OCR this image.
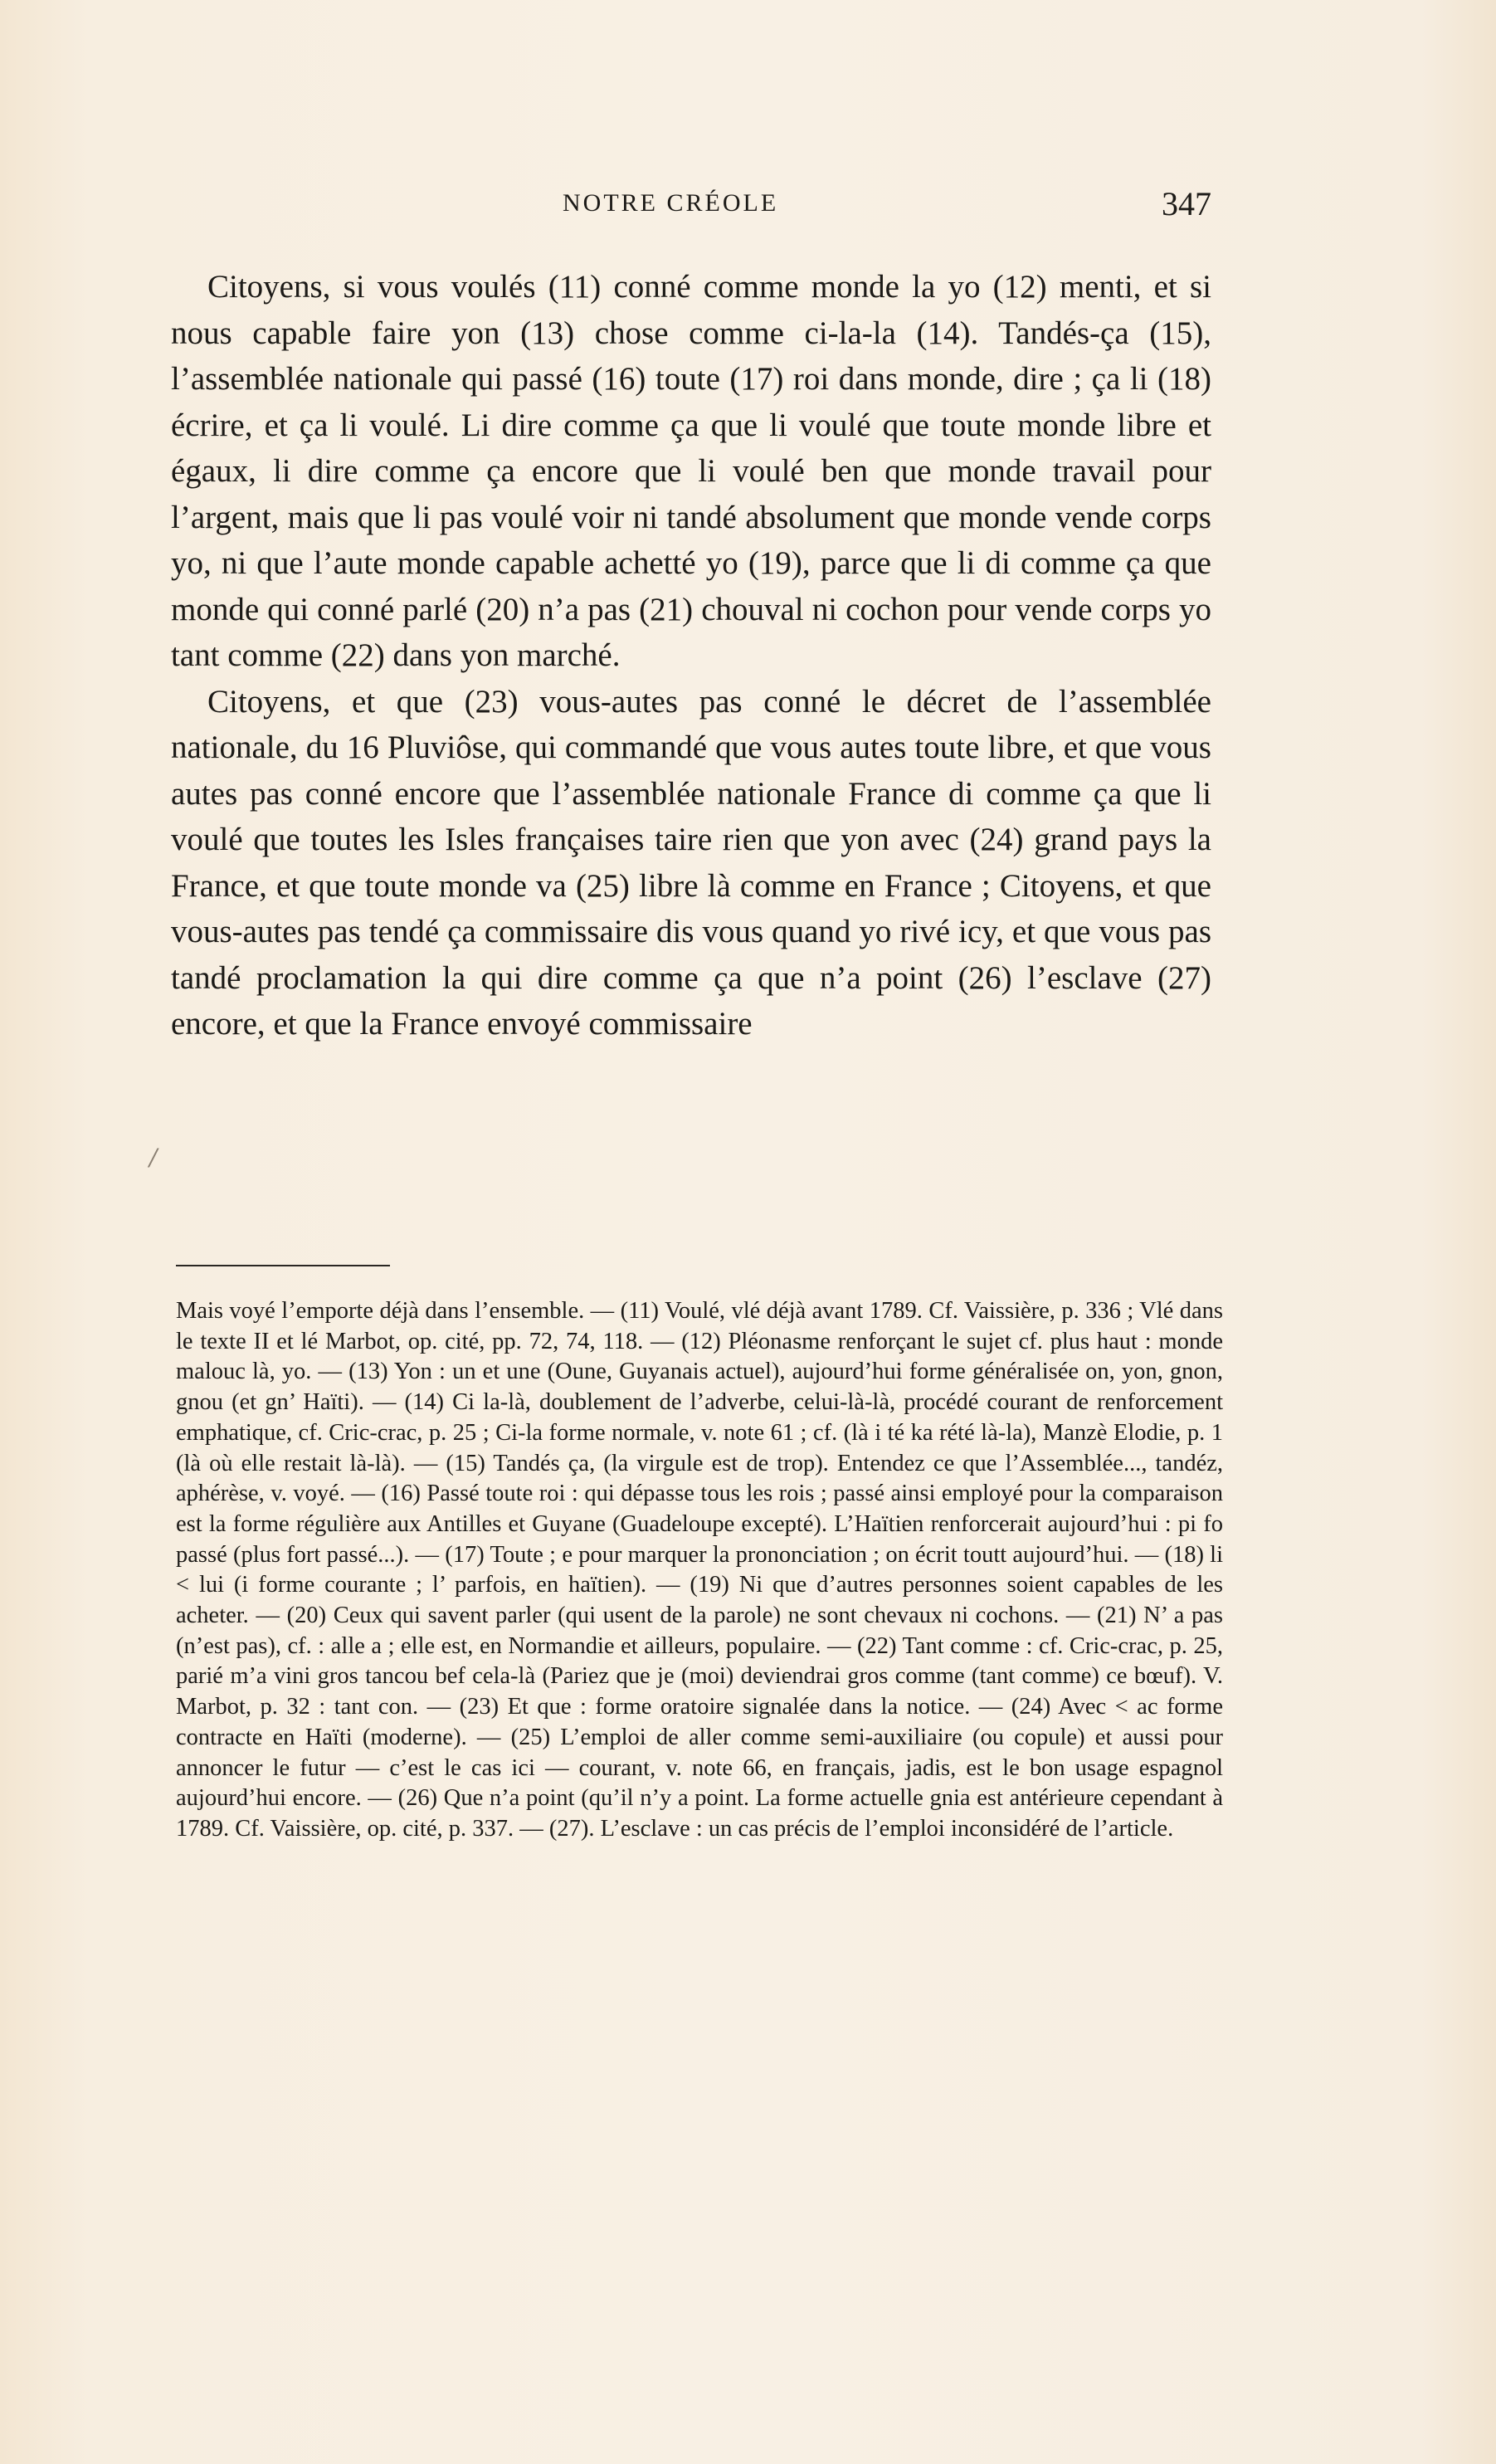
NOTRE CRÉOLE	347
/

Citoyens, si vous voulés (11) conné comme monde la yo (12) menti, et si nous capable faire yon (13) chose comme ci-la-la (14). Tandés-ça (15), l’assemblée nationale qui passé (16) toute (17) roi dans monde, dire ; ça li (18) écrire, et ça li voulé. Li dire comme ça que li voulé que toute monde libre et égaux, li dire comme ça encore que li voulé ben que monde travail pour l’argent, mais que li pas voulé voir ni tandé absolument que monde vende corps yo, ni que l’aute monde capable achetté yo (19), parce que li di comme ça que monde qui conné parlé (20) n’a pas (21) chouval ni cochon pour vende corps yo tant comme (22) dans yon marché.

Citoyens, et que (23) vous-autes pas conné le décret de l’assemblée nationale, du 16 Pluviôse, qui commandé que vous autes toute libre, et que vous autes pas conné encore que l’assemblée nationale France di comme ça que li voulé que toutes les Isles françaises taire rien que yon avec (24) grand pays la France, et que toute monde va (25) libre là comme en France ; Citoyens, et que vous-autes pas tendé ça commissaire dis vous quand yo rivé icy, et que vous pas tandé proclamation la qui dire comme ça que n’a point (26) l’esclave (27) encore, et que la France envoyé commissaire

Mais voyé l’emporte déjà dans l’ensemble. — (11) Voulé, vlé déjà avant 1789. Cf. Vaissière, p. 336 ; Vlé dans le texte II et lé Marbot, op. cité, pp. 72, 74, 118. — (12) Pléonasme renforçant le sujet cf. plus haut : monde malouc là, yo. — (13) Yon : un et une (Oune, Guyanais actuel), aujourd’hui forme généralisée on, yon, gnon, gnou (et gn’ Haïti). — (14) Ci la-là, doublement de l’adverbe, celui-là-là, procédé courant de renforcement emphatique, cf. Cric-crac, p. 25 ; Ci-la forme normale, v. note 61 ; cf. (là i té ka rété là-la), Manzè Elodie, p. 1 (là où elle restait là-là). — (15) Tandés ça, (la virgule est de trop). Entendez ce que l’Assemblée..., tandéz, aphérèse, v. voyé. — (16) Passé toute roi : qui dépasse tous les rois ; passé ainsi employé pour la comparaison est la forme régulière aux Antilles et Guyane (Guadeloupe excepté). L’Haïtien renforcerait aujourd’hui : pi fo passé (plus fort passé...). — (17) Toute ; e pour marquer la prononciation ; on écrit toutt aujourd’hui. — (18) li < lui (i forme courante ; l’ parfois, en haïtien). — (19) Ni que d’autres personnes soient capables de les acheter. — (20) Ceux qui savent parler (qui usent de la parole) ne sont chevaux ni cochons. — (21) N’ a pas (n’est pas), cf. : alle a ; elle est, en Normandie et ailleurs, populaire. — (22) Tant comme : cf. Cric-crac, p. 25, parié m’a vini gros tancou bef cela-là (Pariez que je (moi) deviendrai gros comme (tant comme) ce bœuf). V. Marbot, p. 32 : tant con. — (23) Et que : forme oratoire signalée dans la notice. — (24) Avec < ac forme contracte en Haïti (moderne). — (25) L’emploi de aller comme semi-auxiliaire (ou copule) et aussi pour annoncer le futur — c’est le cas ici — courant, v. note 66, en français, jadis, est le bon usage espagnol aujourd’hui encore. — (26) Que n’a point (qu’il n’y a point. La forme actuelle gnia est antérieure cependant à 1789. Cf. Vaissière, op. cité, p. 337. — (27). L’esclave : un cas précis de l’emploi inconsidéré de l’article.
